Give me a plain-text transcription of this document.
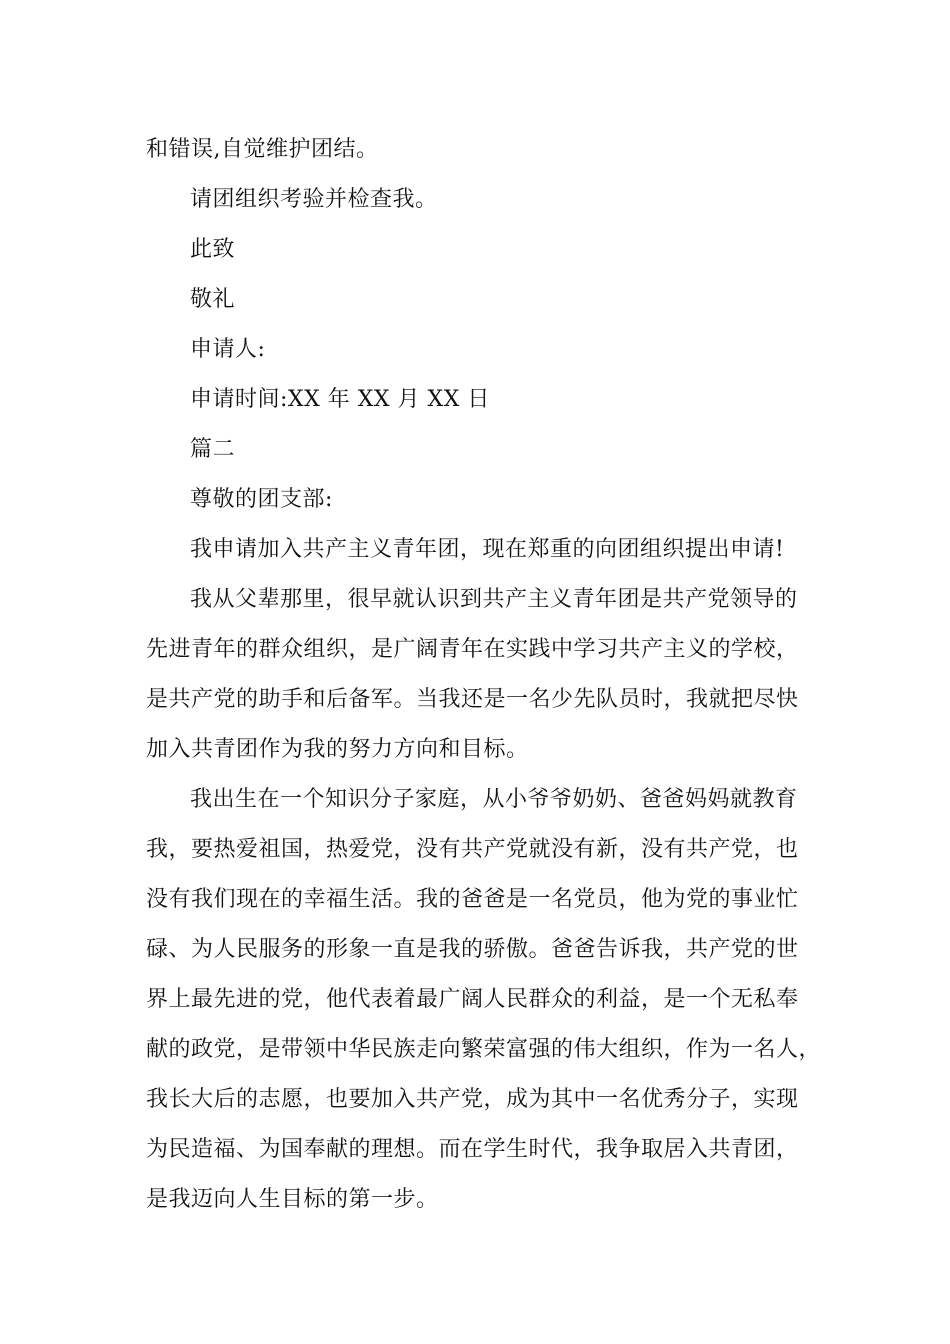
和错误,自觉维护团结。
请团组织考验并检查我。
此致
敬礼
申请人:
申请时间:XX 年 XX 月 XX 日
篇二
尊敬的团支部:
我申请加入共产主义青年团，现在郑重的向团组织提出申请!
我从父辈那里，很早就认识到共产主义青年团是共产党领导的
先进青年的群众组织，是广阔青年在实践中学习共产主义的学校，
是共产党的助手和后备军。当我还是一名少先队员时，我就把尽快
加入共青团作为我的努力方向和目标。
我出生在一个知识分子家庭，从小爷爷奶奶、爸爸妈妈就教育
我，要热爱祖国，热爱党，没有共产党就没有新，没有共产党，也
没有我们现在的幸福生活。我的爸爸是一名党员，他为党的事业忙
碌、为人民服务的形象一直是我的骄傲。爸爸告诉我，共产党的世
界上最先进的党，他代表着最广阔人民群众的利益，是一个无私奉
献的政党，是带领中华民族走向繁荣富强的伟大组织，作为一名人，
我长大后的志愿，也要加入共产党，成为其中一名优秀分子，实现
为民造福、为国奉献的理想。而在学生时代，我争取居入共青团，
是我迈向人生目标的第一步。
